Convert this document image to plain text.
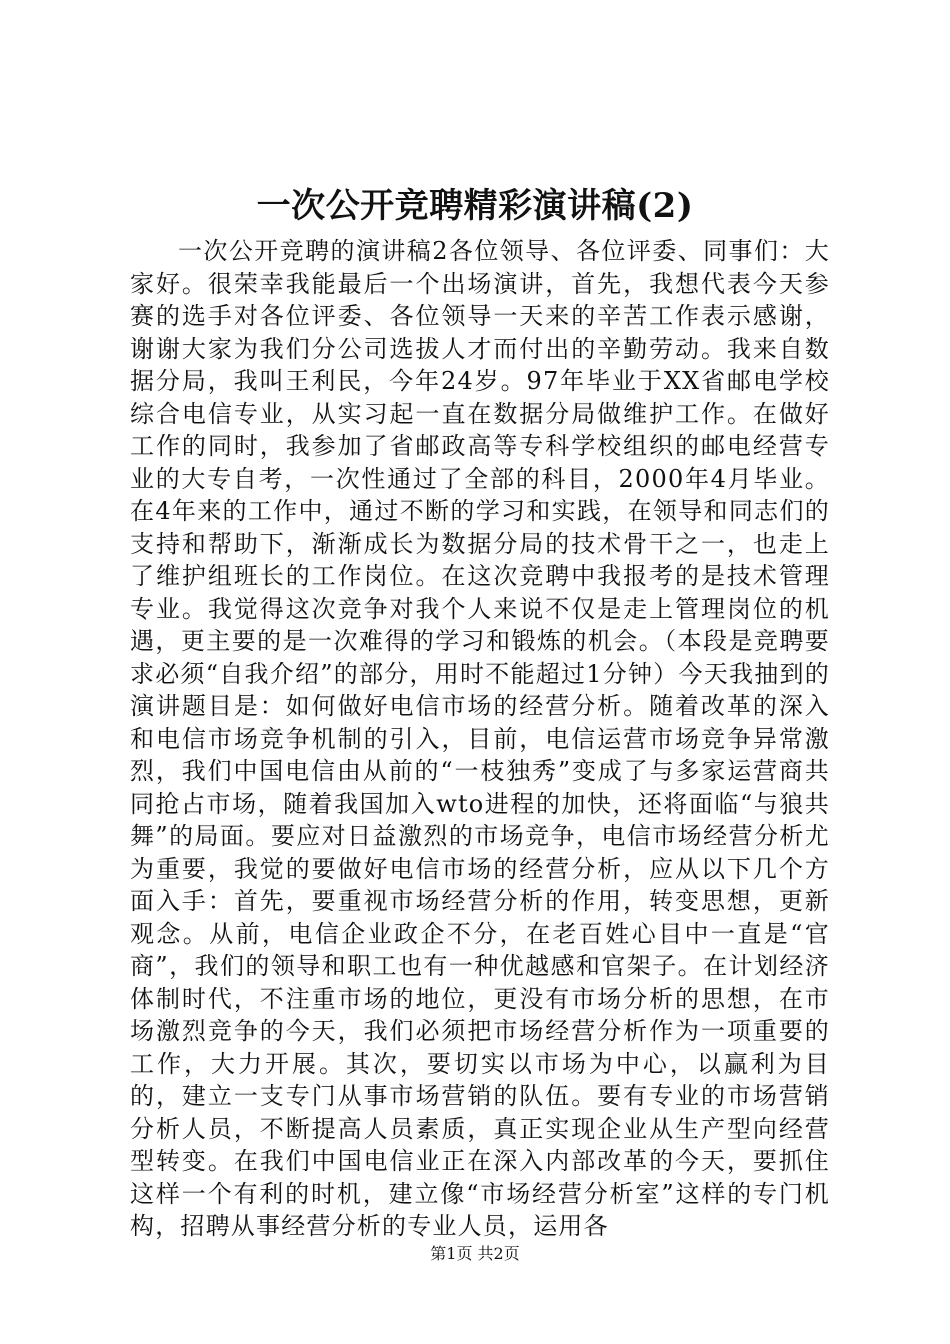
一次公开竞聘精彩演讲稿(2)

一次公开竞聘的演讲稿2各位领导、各位评委、同事们：大家好。很荣幸我能最后一个出场演讲，首先，我想代表今天参赛的选手对各位评委、各位领导一天来的辛苦工作表示感谢，谢谢大家为我们分公司选拔人才而付出的辛勤劳动。我来自数据分局，我叫王利民，今年24岁。97年毕业于XX省邮电学校综合电信专业，从实习起一直在数据分局做维护工作。在做好工作的同时，我参加了省邮政高等专科学校组织的邮电经营专业的大专自考，一次性通过了全部的科目，2000年4月毕业。在4年来的工作中，通过不断的学习和实践，在领导和同志们的支持和帮助下，渐渐成长为数据分局的技术骨干之一，也走上了维护组班长的工作岗位。在这次竞聘中我报考的是技术管理专业。我觉得这次竞争对我个人来说不仅是走上管理岗位的机遇，更主要的是一次难得的学习和锻炼的机会。（本段是竞聘要求必须“自我介绍”的部分，用时不能超过1分钟）今天我抽到的演讲题目是：如何做好电信市场的经营分析。随着改革的深入和电信市场竞争机制的引入，目前，电信运营市场竞争异常激烈，我们中国电信由从前的“一枝独秀”变成了与多家运营商共同抢占市场，随着我国加入wto进程的加快，还将面临“与狼共舞”的局面。要应对日益激烈的市场竞争，电信市场经营分析尤为重要，我觉的要做好电信市场的经营分析，应从以下几个方面入手：首先，要重视市场经营分析的作用，转变思想，更新观念。从前，电信企业政企不分，在老百姓心目中一直是“官商”，我们的领导和职工也有一种优越感和官架子。在计划经济体制时代，不注重市场的地位，更没有市场分析的思想，在市场激烈竞争的今天，我们必须把市场经营分析作为一项重要的工作，大力开展。其次，要切实以市场为中心，以赢利为目的，建立一支专门从事市场营销的队伍。要有专业的市场营销分析人员，不断提高人员素质，真正实现企业从生产型向经营型转变。在我们中国电信业正在深入内部改革的今天，要抓住这样一个有利的时机，建立像“市场经营分析室”这样的专门机构，招聘从事经营分析的专业人员，运用各

第1页 共2页
